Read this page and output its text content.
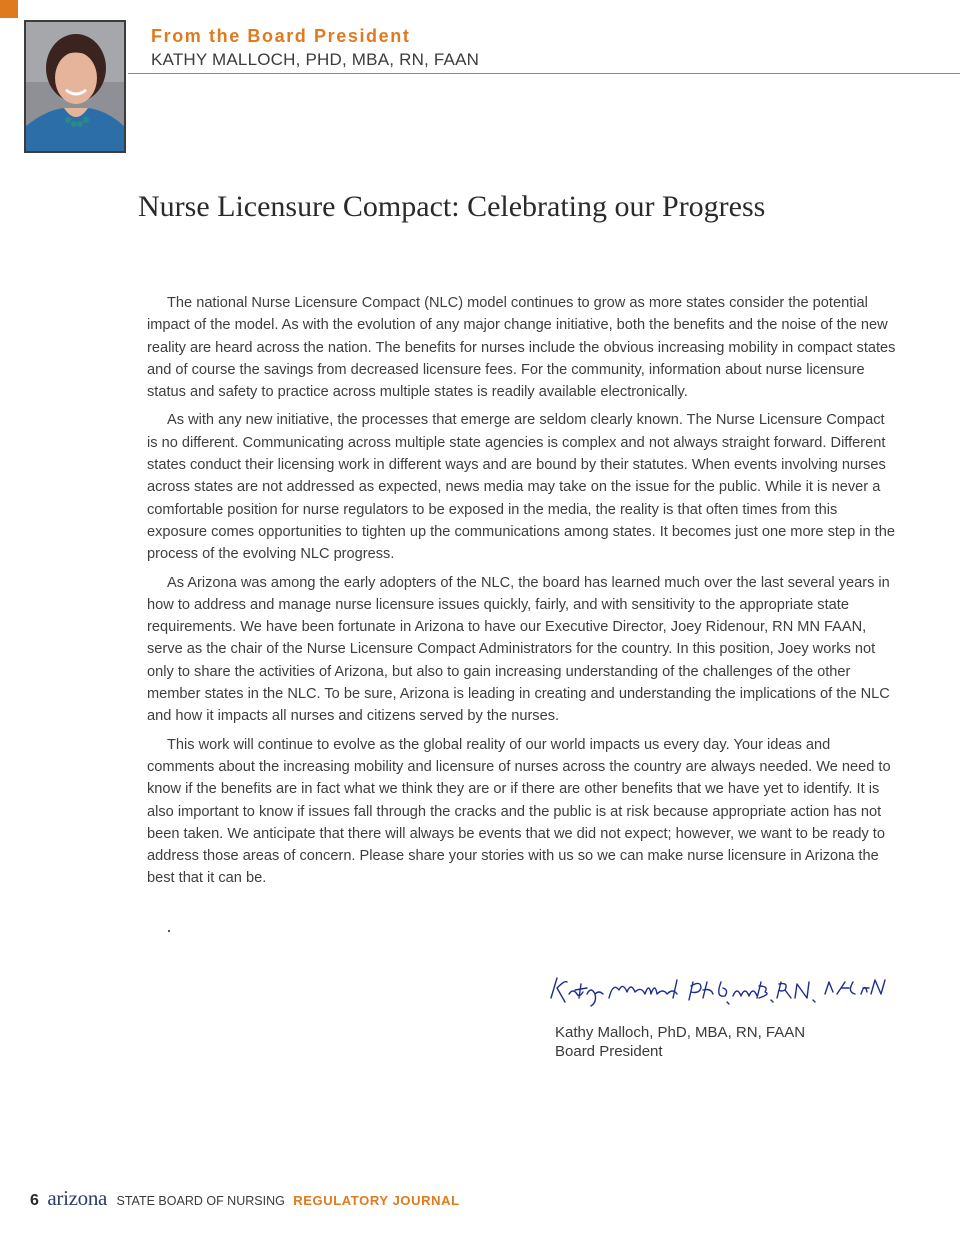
From the Board President

KATHY MALLOCH, PHD, MBA, RN, FAAN

Nurse Licensure Compact: Celebrating our Progress

The national Nurse Licensure Compact (NLC) model continues to grow as more states consider the potential impact of the model. As with the evolution of any major change initiative, both the benefits and the noise of the new reality are heard across the nation. The benefits for nurses include the obvious increasing mobility in compact states and of course the savings from decreased licensure fees. For the community, information about nurse licensure status and safety to practice across multiple states is readily available electronically.

As with any new initiative, the processes that emerge are seldom clearly known. The Nurse Licensure Compact is no different. Communicating across multiple state agencies is complex and not always straight forward. Different states conduct their licensing work in different ways and are bound by their statutes. When events involving nurses across states are not addressed as expected, news media may take on the issue for the public. While it is never a comfortable position for nurse regulators to be exposed in the media, the reality is that often times from this exposure comes opportunities to tighten up the communications among states. It becomes just one more step in the process of the evolving NLC progress.

As Arizona was among the early adopters of the NLC, the board has learned much over the last several years in how to address and manage nurse licensure issues quickly, fairly, and with sensitivity to the appropriate state requirements. We have been fortunate in Arizona to have our Executive Director, Joey Ridenour, RN MN FAAN, serve as the chair of the Nurse Licensure Compact Administrators for the country. In this position, Joey works not only to share the activities of Arizona, but also to gain increasing understanding of the challenges of the other member states in the NLC. To be sure, Arizona is leading in creating and understanding the implications of the NLC and how it impacts all nurses and citizens served by the nurses.

This work will continue to evolve as the global reality of our world impacts us every day. Your ideas and comments about the increasing mobility and licensure of nurses across the country are always needed. We need to know if the benefits are in fact what we think they are or if there are other benefits that we have yet to identify. It is also important to know if issues fall through the cracks and the public is at risk because appropriate action has not been taken. We anticipate that there will always be events that we did not expect; however, we want to be ready to address those areas of concern. Please share your stories with us so we can make nurse licensure in Arizona the best that it can be.

Kathy Malloch, PhD, MBA, RN, FAAN

Board President

6 arizona STATE BOARD OF NURSING REGULATORY JOURNAL
